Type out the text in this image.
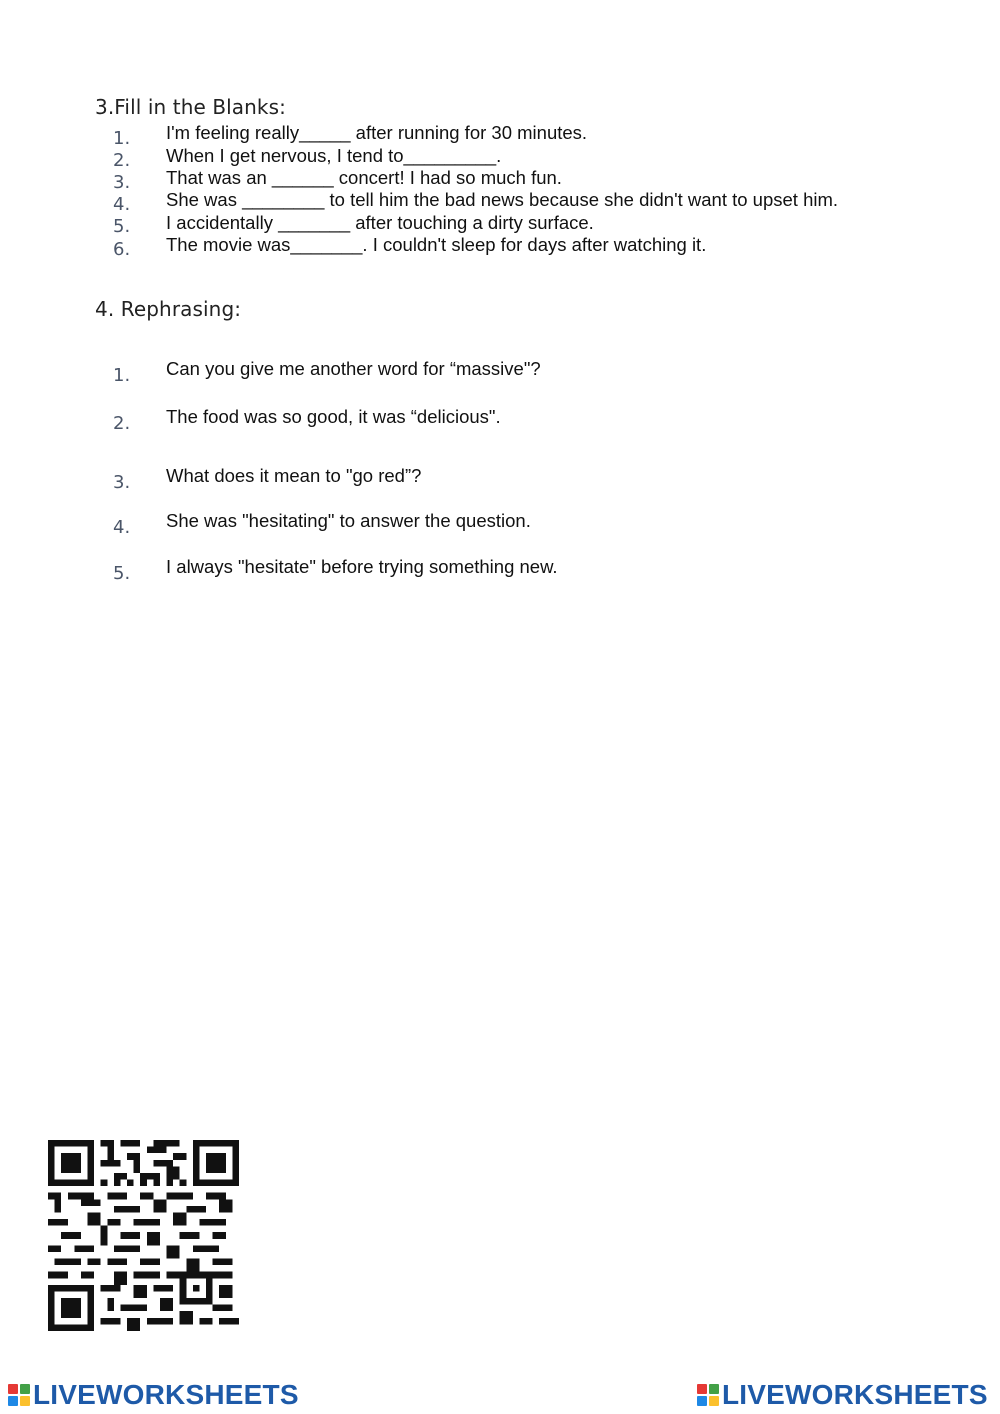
3.Fill in the Blanks:
1. I'm feeling really_____ after running for 30 minutes.
2. When I get nervous, I tend to_________.
3. That was an ______ concert! I had so much fun.
4. She was ________ to tell him the bad news because she didn't want to upset him.
5. I accidentally _______ after touching a dirty surface.
6. The movie was_______. I couldn't sleep for days after watching it.
4. Rephrasing:
1. Can you give me another word for “massive"?
2. The food was so good, it was “delicious".
3. What does it mean to "go red”?
4. She was "hesitating" to answer the question.
5. I always "hesitate" before trying something new.
LIVEWORKSHEETS	LIVEWORKSHEETS
